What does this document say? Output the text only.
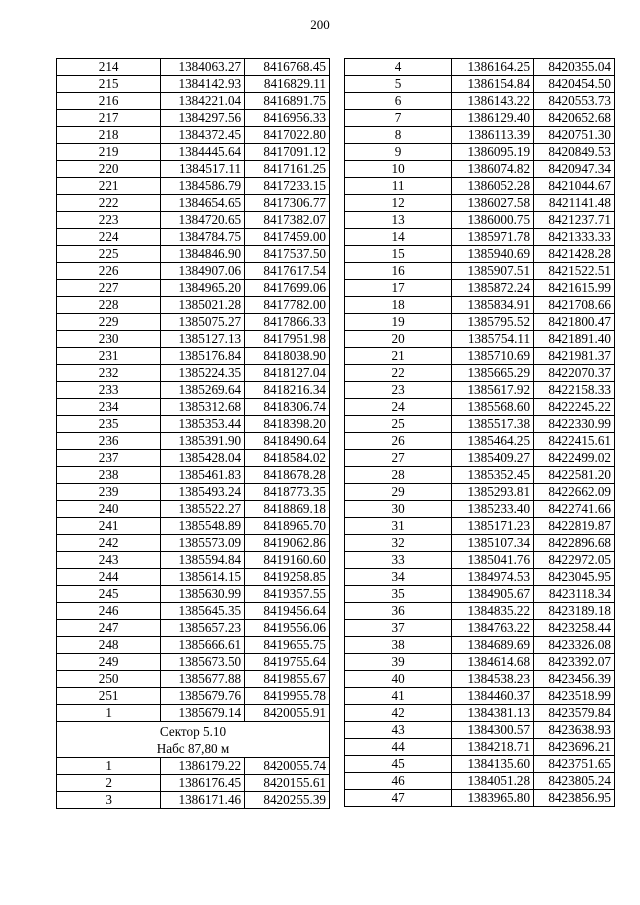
200
214	1384063.27	8416768.45
215	1384142.93	8416829.11
216	1384221.04	8416891.75
217	1384297.56	8416956.33
218	1384372.45	8417022.80
219	1384445.64	8417091.12
220	1384517.11	8417161.25
221	1384586.79	8417233.15
222	1384654.65	8417306.77
223	1384720.65	8417382.07
224	1384784.75	8417459.00
225	1384846.90	8417537.50
226	1384907.06	8417617.54
227	1384965.20	8417699.06
228	1385021.28	8417782.00
229	1385075.27	8417866.33
230	1385127.13	8417951.98
231	1385176.84	8418038.90
232	1385224.35	8418127.04
233	1385269.64	8418216.34
234	1385312.68	8418306.74
235	1385353.44	8418398.20
236	1385391.90	8418490.64
237	1385428.04	8418584.02
238	1385461.83	8418678.28
239	1385493.24	8418773.35
240	1385522.27	8418869.18
241	1385548.89	8418965.70
242	1385573.09	8419062.86
243	1385594.84	8419160.60
244	1385614.15	8419258.85
245	1385630.99	8419357.55
246	1385645.35	8419456.64
247	1385657.23	8419556.06
248	1385666.61	8419655.75
249	1385673.50	8419755.64
250	1385677.88	8419855.67
251	1385679.76	8419955.78
1	1385679.14	8420055.91

Сектор 5.10
Набс 87,80 м		

1	1386179.22	8420055.74
2	1386176.45	8420155.61
3	1386171.46	8420255.39
4	1386164.25	8420355.04
5	1386154.84	8420454.50
6	1386143.22	8420553.73
7	1386129.40	8420652.68
8	1386113.39	8420751.30
9	1386095.19	8420849.53
10	1386074.82	8420947.34
11	1386052.28	8421044.67
12	1386027.58	8421141.48
13	1386000.75	8421237.71
14	1385971.78	8421333.33
15	1385940.69	8421428.28
16	1385907.51	8421522.51
17	1385872.24	8421615.99
18	1385834.91	8421708.66
19	1385795.52	8421800.47
20	1385754.11	8421891.40
21	1385710.69	8421981.37
22	1385665.29	8422070.37
23	1385617.92	8422158.33
24	1385568.60	8422245.22
25	1385517.38	8422330.99
26	1385464.25	8422415.61
27	1385409.27	8422499.02
28	1385352.45	8422581.20
29	1385293.81	8422662.09
30	1385233.40	8422741.66
31	1385171.23	8422819.87
32	1385107.34	8422896.68
33	1385041.76	8422972.05
34	1384974.53	8423045.95
35	1384905.67	8423118.34
36	1384835.22	8423189.18
37	1384763.22	8423258.44
38	1384689.69	8423326.08
39	1384614.68	8423392.07
40	1384538.23	8423456.39
41	1384460.37	8423518.99
42	1384381.13	8423579.84
43	1384300.57	8423638.93
44	1384218.71	8423696.21
45	1384135.60	8423751.65
46	1384051.28	8423805.24
47	1383965.80	8423856.95
